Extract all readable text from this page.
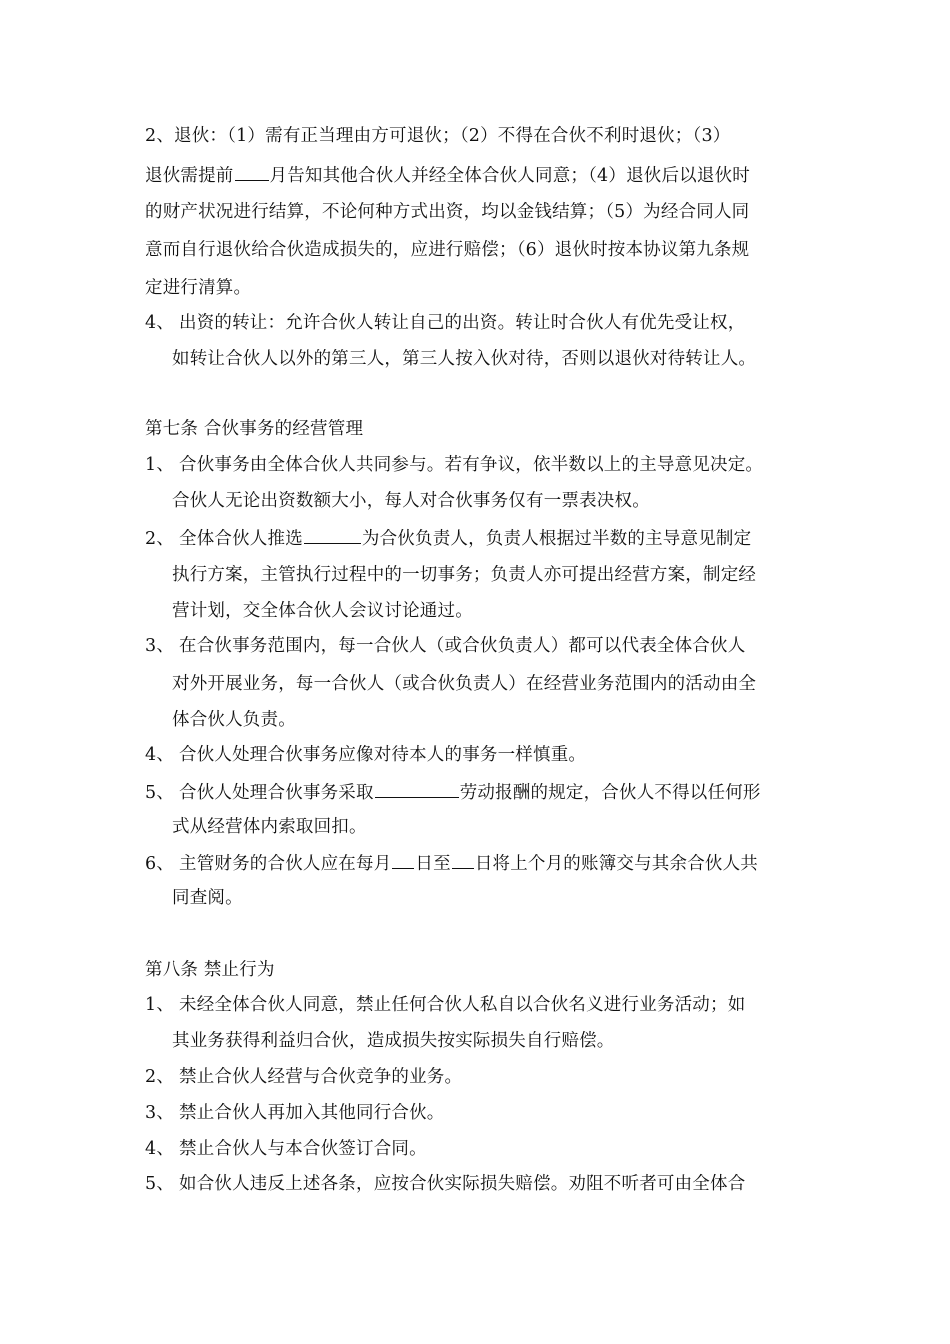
2、退伙：（1）需有正当理由方可退伙；（2）不得在合伙不利时退伙；（3）
退伙需提前 月告知其他合伙人并经全体合伙人同意；（4）退伙后以退伙时
的财产状况进行结算，不论何种方式出资，均以金钱结算；（5）为经合同人同
意而自行退伙给合伙造成损失的，应进行赔偿；（6）退伙时按本协议第九条规
定进行清算。
4、 出资的转让：允许合伙人转让自己的出资。转让时合伙人有优先受让权，
如转让合伙人以外的第三人，第三人按入伙对待，否则以退伙对待转让人。
第七条 合伙事务的经营管理
1、 合伙事务由全体合伙人共同参与。若有争议，依半数以上的主导意见决定。
合伙人无论出资数额大小，每人对合伙事务仅有一票表决权。
2、 全体合伙人推选	为合伙负责人，负责人根据过半数的主导意见制定
执行方案，主管执行过程中的一切事务；负责人亦可提出经营方案，制定经
营计划，交全体合伙人会议讨论通过。
3、 在合伙事务范围内，每一合伙人（或合伙负责人）都可以代表全体合伙人
对外开展业务，每一合伙人（或合伙负责人）在经营业务范围内的活动由全
体合伙人负责。
4、 合伙人处理合伙事务应像对待本人的事务一样慎重。
5、 合伙人处理合伙事务采取	劳动报酬的规定，合伙人不得以任何形
式从经营体内索取回扣。
6、 主管财务的合伙人应在每月 日至 日将上个月的账簿交与其余合伙人共
同查阅。
第八条 禁止行为
1、 未经全体合伙人同意，禁止任何合伙人私自以合伙名义进行业务活动；如
其业务获得利益归合伙，造成损失按实际损失自行赔偿。
2、 禁止合伙人经营与合伙竞争的业务。
3、 禁止合伙人再加入其他同行合伙。
4、 禁止合伙人与本合伙签订合同。
5、 如合伙人违反上述各条，应按合伙实际损失赔偿。劝阻不听者可由全体合
